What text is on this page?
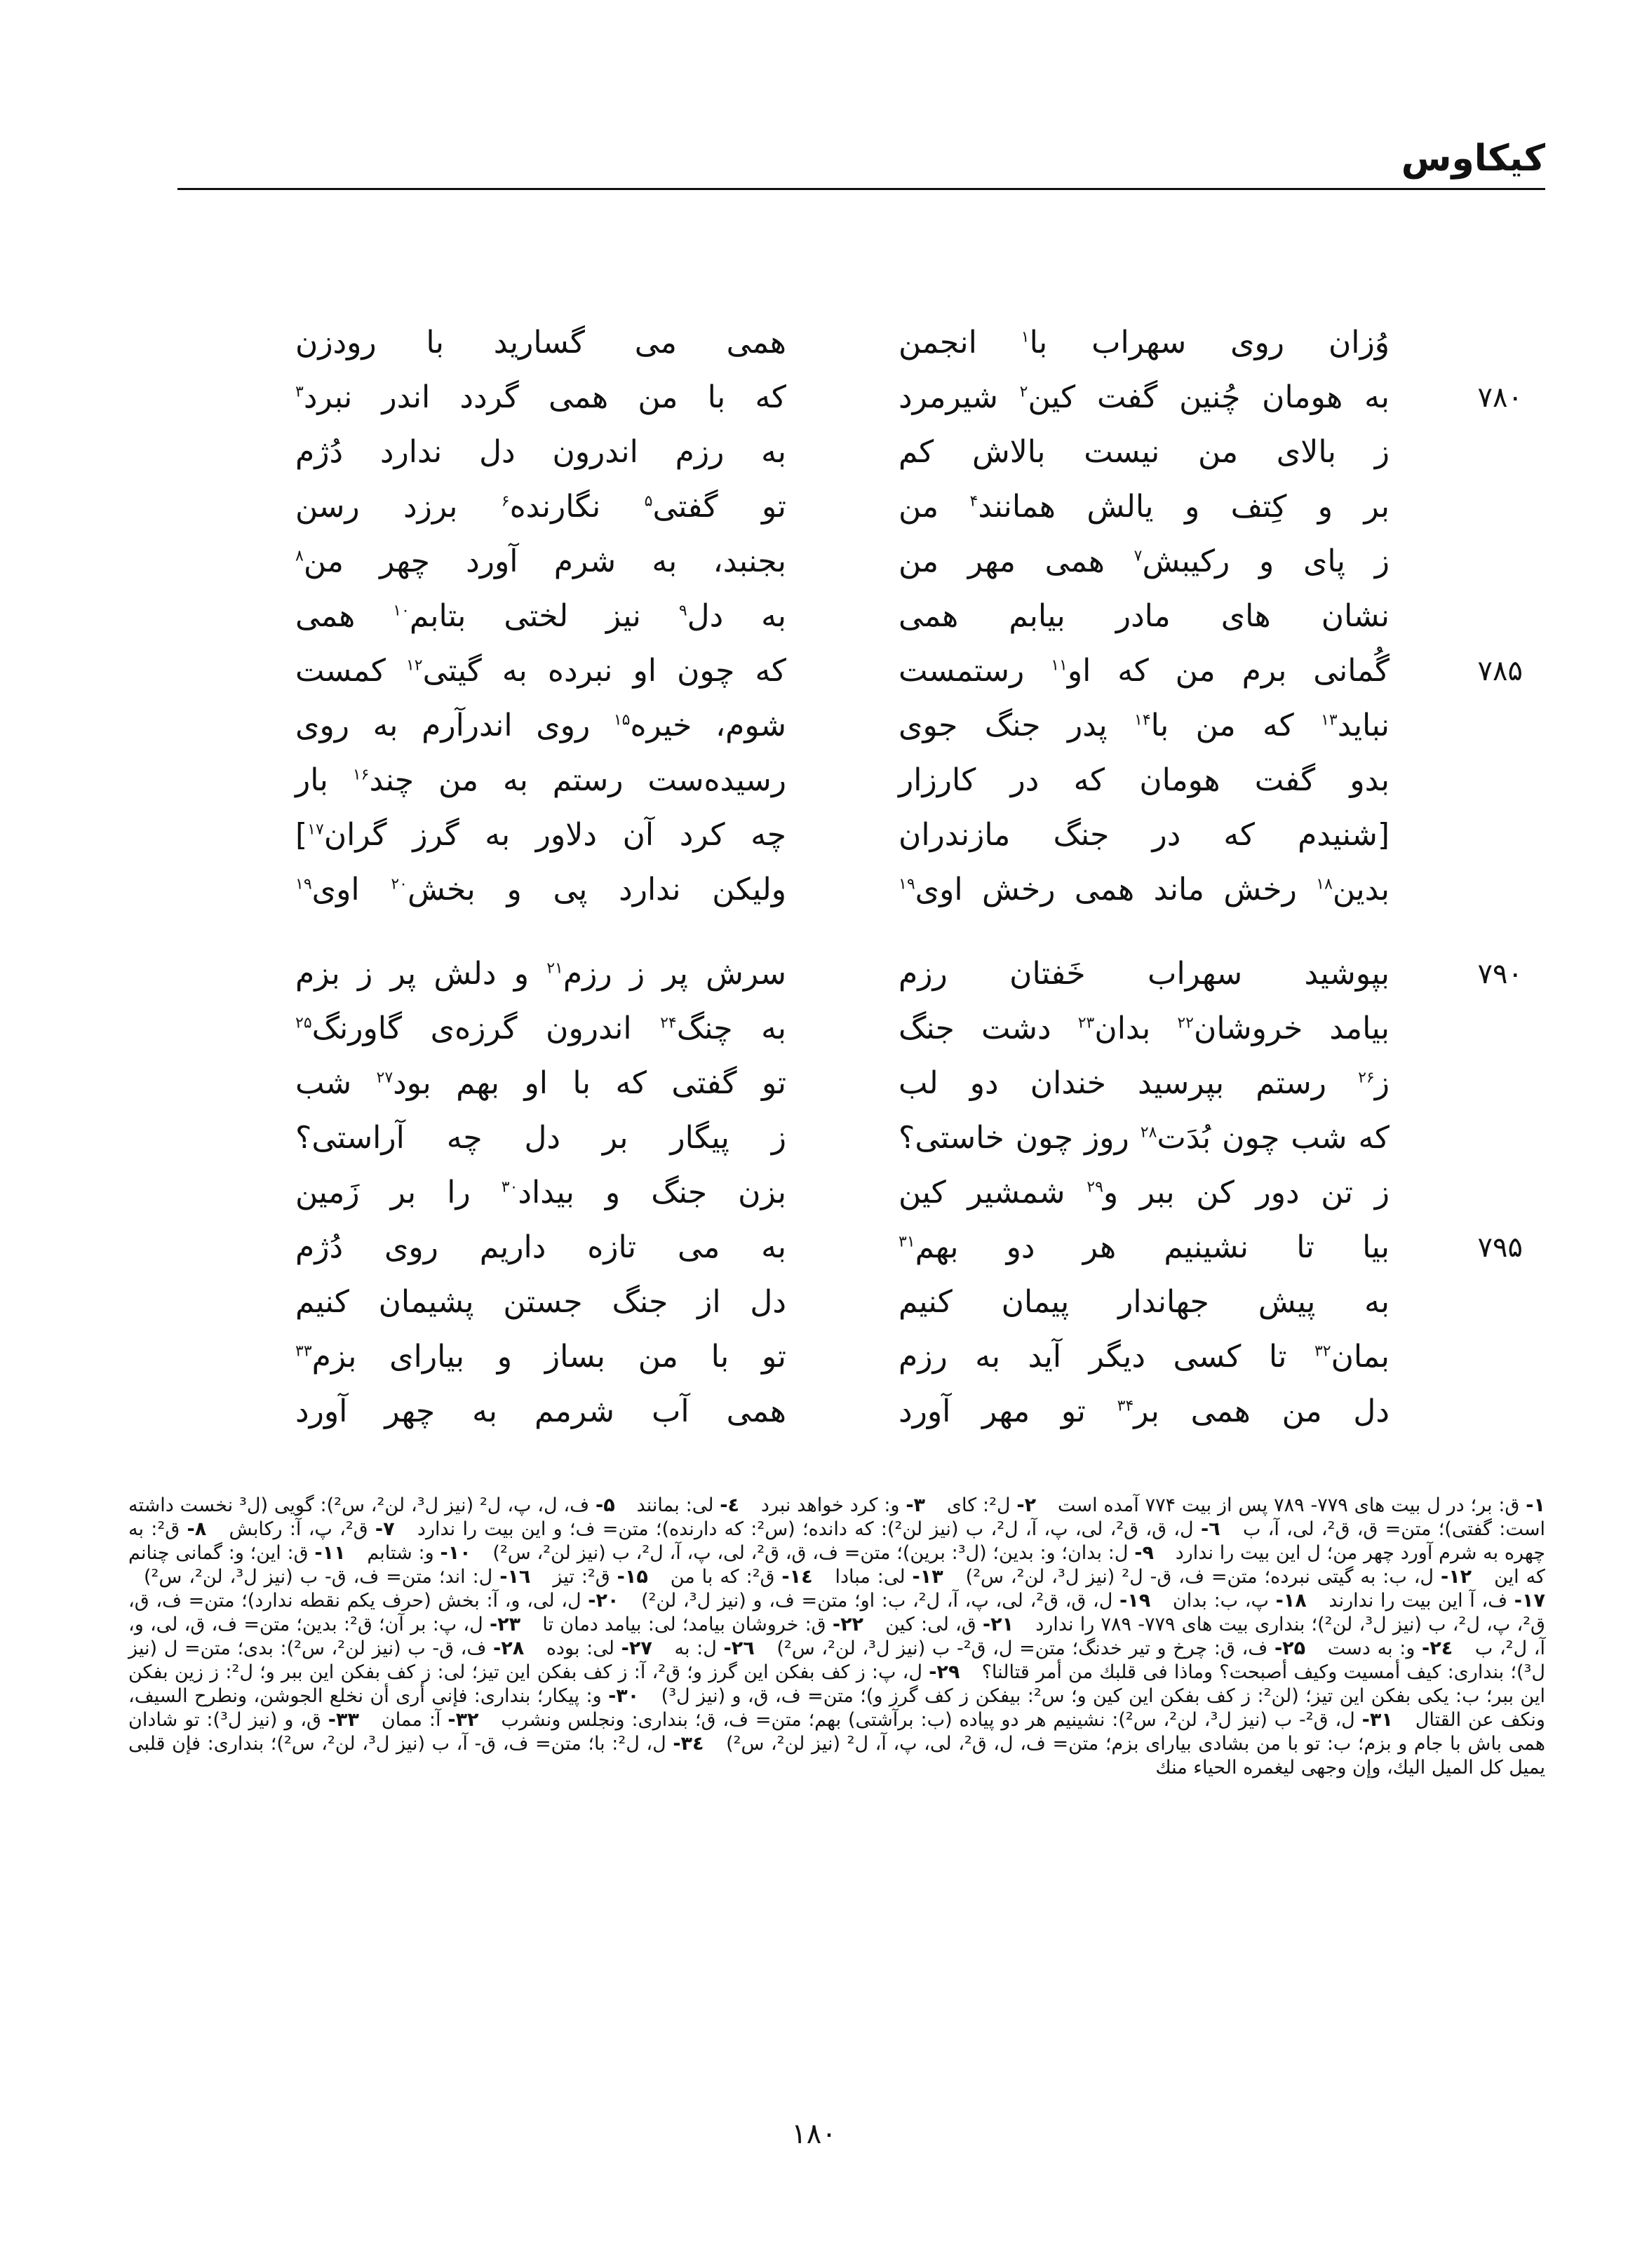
کیکاوس
وُزان روی سهراب با$^۱$ انجمن
همی می گسارید با رودزن
۷۸۰
به هومان چُنین گفت کین$^۲$ شیرمرد
که با من همی گردد اندر نبرد$^۳$
ز بالای من نیست بالاش کم
به رزم اندرون دل ندارد دُژم
بر و کِتف و یالش همانند$^۴$ من
تو گفتی$^۵$ نگارنده$^۶$ برزد رسن
ز پای و رکیبش$^۷$ همی مهر من
بجنبد، به شرم آورد چهر من$^۸$
نشان های مادر بیابم همی
به دل$^۹$ نیز لختی بتابم$^{۱۰}$ همی
۷۸۵
گُمانی برم من که او$^{۱۱}$ رستمست
که چون او نبرده به گیتی$^{۱۲}$ کمست
نباید$^{۱۳}$ که من با$^{۱۴}$ پدر جنگ جوی
شوم، خیره$^{۱۵}$ روی اندرآرم به روی
بدو گفت هومان که در کارزار
رسیده‌ست رستم به من چند$^{۱۶}$ بار
[شنیدم که در جنگ مازندران
چه کرد آن دلاور به گرز گران$^{۱۷}$]
بدین$^{۱۸}$ رخش ماند همی رخش اوی$^{۱۹}$
ولیکن ندارد پی و بخش$^{۲۰}$ اوی$^{۱۹}$
۷۹۰
بپوشید سهراب خَفتان رزم
سرش پر ز رزم$^{۲۱}$ و دلش پر ز بزم
بیامد خروشان$^{۲۲}$ بدان$^{۲۳}$ دشت جنگ
به چنگ$^{۲۴}$ اندرون گرزه‌ی گاورنگ$^{۲۵}$
ز$^{۲۶}$ رستم بپرسید خندان دو لب
تو گفتی که با او بهم بود$^{۲۷}$ شب
که شب چون بُدَت$^{۲۸}$ روز چون خاستی؟
ز پیگار بر دل چه آراستی؟
ز تن دور کن ببر و$^{۲۹}$ شمشیر کین
بزن جنگ و بیداد$^{۳۰}$ را بر زَمین
۷۹۵
بیا تا نشینیم هر دو بهم$^{۳۱}$
به می تازه داریم روی دُژم
به پیش جهاندار پیمان کنیم
دل از جنگ جستن پشیمان کنیم
بمان$^{۳۲}$ تا کسی دیگر آید به رزم
تو با من بساز و بیارای بزم$^{۳۳}$
دل من همی بر$^{۳۴}$ تو مهر آورد
همی آب شرمم به چهر آورد
۱- ق: بر؛ در ل بیت های ۷۷۹- ۷۸۹ پس از بیت ۷۷۴ آمده است ۲- ل²: کای ۳- و: کرد خواهد نبرد ٤- لی: بمانند ۵- ف، ل، پ، ل² (نیز ل³، لن²، س²): گویی (ل³ نخست داشته است: گفتی)؛ متن= ق، ق²، لی، آ، ب ٦- ل، ق، ق²، لی، پ، آ، ل²، ب (نیز لن²): که دانده؛ (س²: که دارنده)؛ متن= ف؛ و این بیت را ندارد ۷- ق²، پ، آ: رکابش ۸- ق²: به چهره به شرم آورد چهر من؛ ل این بیت را ندارد ۹- ل: بدان؛ و: بدین؛ (ل³: برین)؛ متن= ف، ق، ق²، لی، پ، آ، ل²، ب (نیز لن²، س²) ۱۰- و: شتابم ۱۱- ق: این؛ و: گمانی چنانم که این ۱۲- ل، ب: به گیتی نبرده؛ متن= ف، ق- ل² (نیز ل³، لن²، س²) ۱۳- لی: مبادا ١٤- ق²: که با من ۱۵- ق²: تیز ١٦- ل: اند؛ متن= ف، ق- ب (نیز ل³، لن²، س²) ۱۷- ف، آ این بیت را ندارند ۱۸- پ، ب: بدان ۱۹- ل، ق، ق²، لی، پ، آ، ل²، ب: او؛ متن= ف، و (نیز ل³، لن²) ۲۰- ل، لی، و، آ: بخش (حرف یکم نقطه ندارد)؛ متن= ف، ق، ق²، پ، ل²، ب (نیز ل³، لن²)؛ بنداری بیت های ۷۷۹- ۷۸۹ را ندارد ۲۱- ق، لی: کین ۲۲- ق: خروشان بیامد؛ لی: بیامد دمان تا ۲۳- ل، پ: بر آن؛ ق²: بدین؛ متن= ف، ق، لی، و، آ، ل²، ب ۲٤- و: به دست ۲۵- ف، ق: چرخ و تیر خدنگ؛ متن= ل، ق²- ب (نیز ل³، لن²، س²) ۲٦- ل: به ۲۷- لی: بوده ۲۸- ف، ق- ب (نیز لن²، س²): بدی؛ متن= ل (نیز ل³)؛ بنداری: کیف أمسیت وکیف أصبحت؟ وماذا فی قلبك من أمر قتالنا؟ ۲۹- ل، پ: ز کف بفکن این گرز و؛ ق²، آ: ز کف بفکن این تیز؛ لی: ز کف بفکن این ببر و؛ ل²: ز زین بفکن این ببر؛ ب: یکی بفکن این تیز؛ (لن²: ز کف بفکن این کین و؛ س²: بیفکن ز کف گرز و)؛ متن= ف، ق، و (نیز ل³) ۳۰- و: پیکار؛ بنداری: فإنی أری أن نخلع الجوشن، ونطرح السیف، ونکف عن القتال ۳۱- ل، ق²- ب (نیز ل³، لن²، س²): نشینیم هر دو پیاده (ب: برآشتی) بهم؛ متن= ف، ق؛ بنداری: ونجلس ونشرب ۳۲- آ: ممان ۳۳- ق، و (نیز ل³): تو شادان همی باش با جام و بزم؛ ب: تو با من بشادی بیارای بزم؛ متن= ف، ل، ق²، لی، پ، آ، ل² (نیز لن²، س²) ۳٤- ل، ل²: با؛ متن= ف، ق- آ، ب (نیز ل³، لن²، س²)؛ بنداری: فإن قلبی یمیل کل المیل الیك، وإن وجهی لیغمره الحیاء منك
۱۸۰
